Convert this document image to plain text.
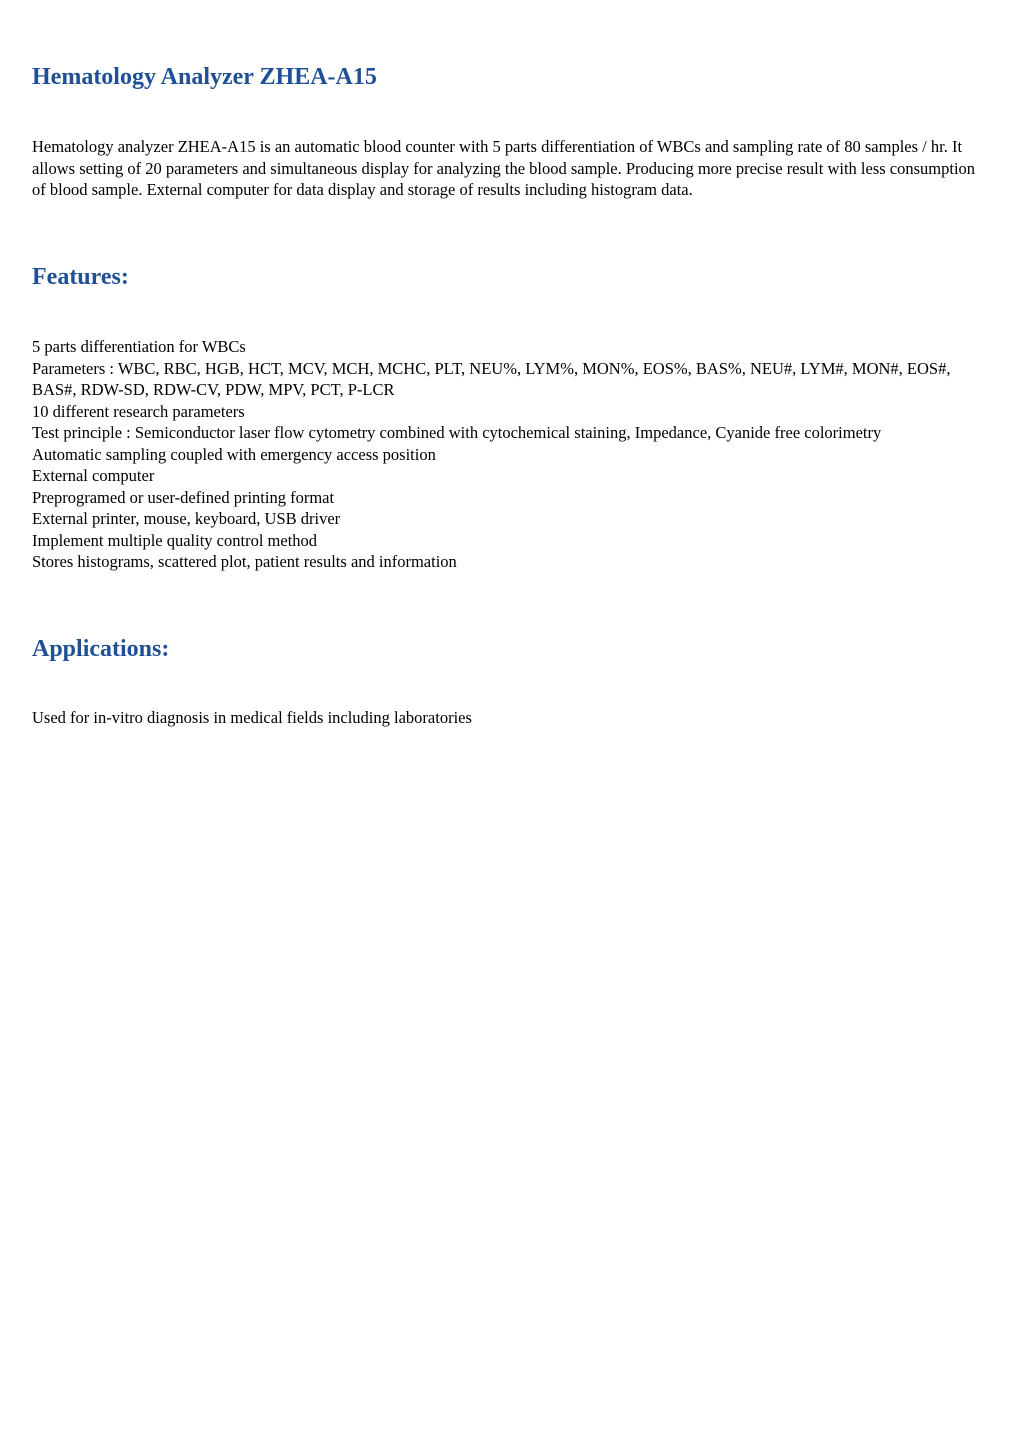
Hematology Analyzer ZHEA-A15

Hematology analyzer ZHEA-A15 is an automatic blood counter with 5 parts differentiation of WBCs and sampling rate of 80 samples / hr. It allows setting of 20 parameters and simultaneous display for analyzing the blood sample. Producing more precise result with less consumption of blood sample. External computer for data display and storage of results including histogram data.

Features:
5 parts differentiation for WBCs
Parameters : WBC, RBC, HGB, HCT, MCV, MCH, MCHC, PLT, NEU%, LYM%, MON%, EOS%, BAS%, NEU#, LYM#, MON#, EOS#, BAS#, RDW-SD, RDW-CV, PDW, MPV, PCT, P-LCR
10 different research parameters
Test principle : Semiconductor laser flow cytometry combined with cytochemical staining, Impedance, Cyanide free colorimetry
Automatic sampling coupled with emergency access position
External computer
Preprogramed or user-defined printing format
External printer, mouse, keyboard, USB driver
Implement multiple quality control method
Stores histograms, scattered plot, patient results and information
Applications:

Used for in-vitro diagnosis in medical fields including laboratories
